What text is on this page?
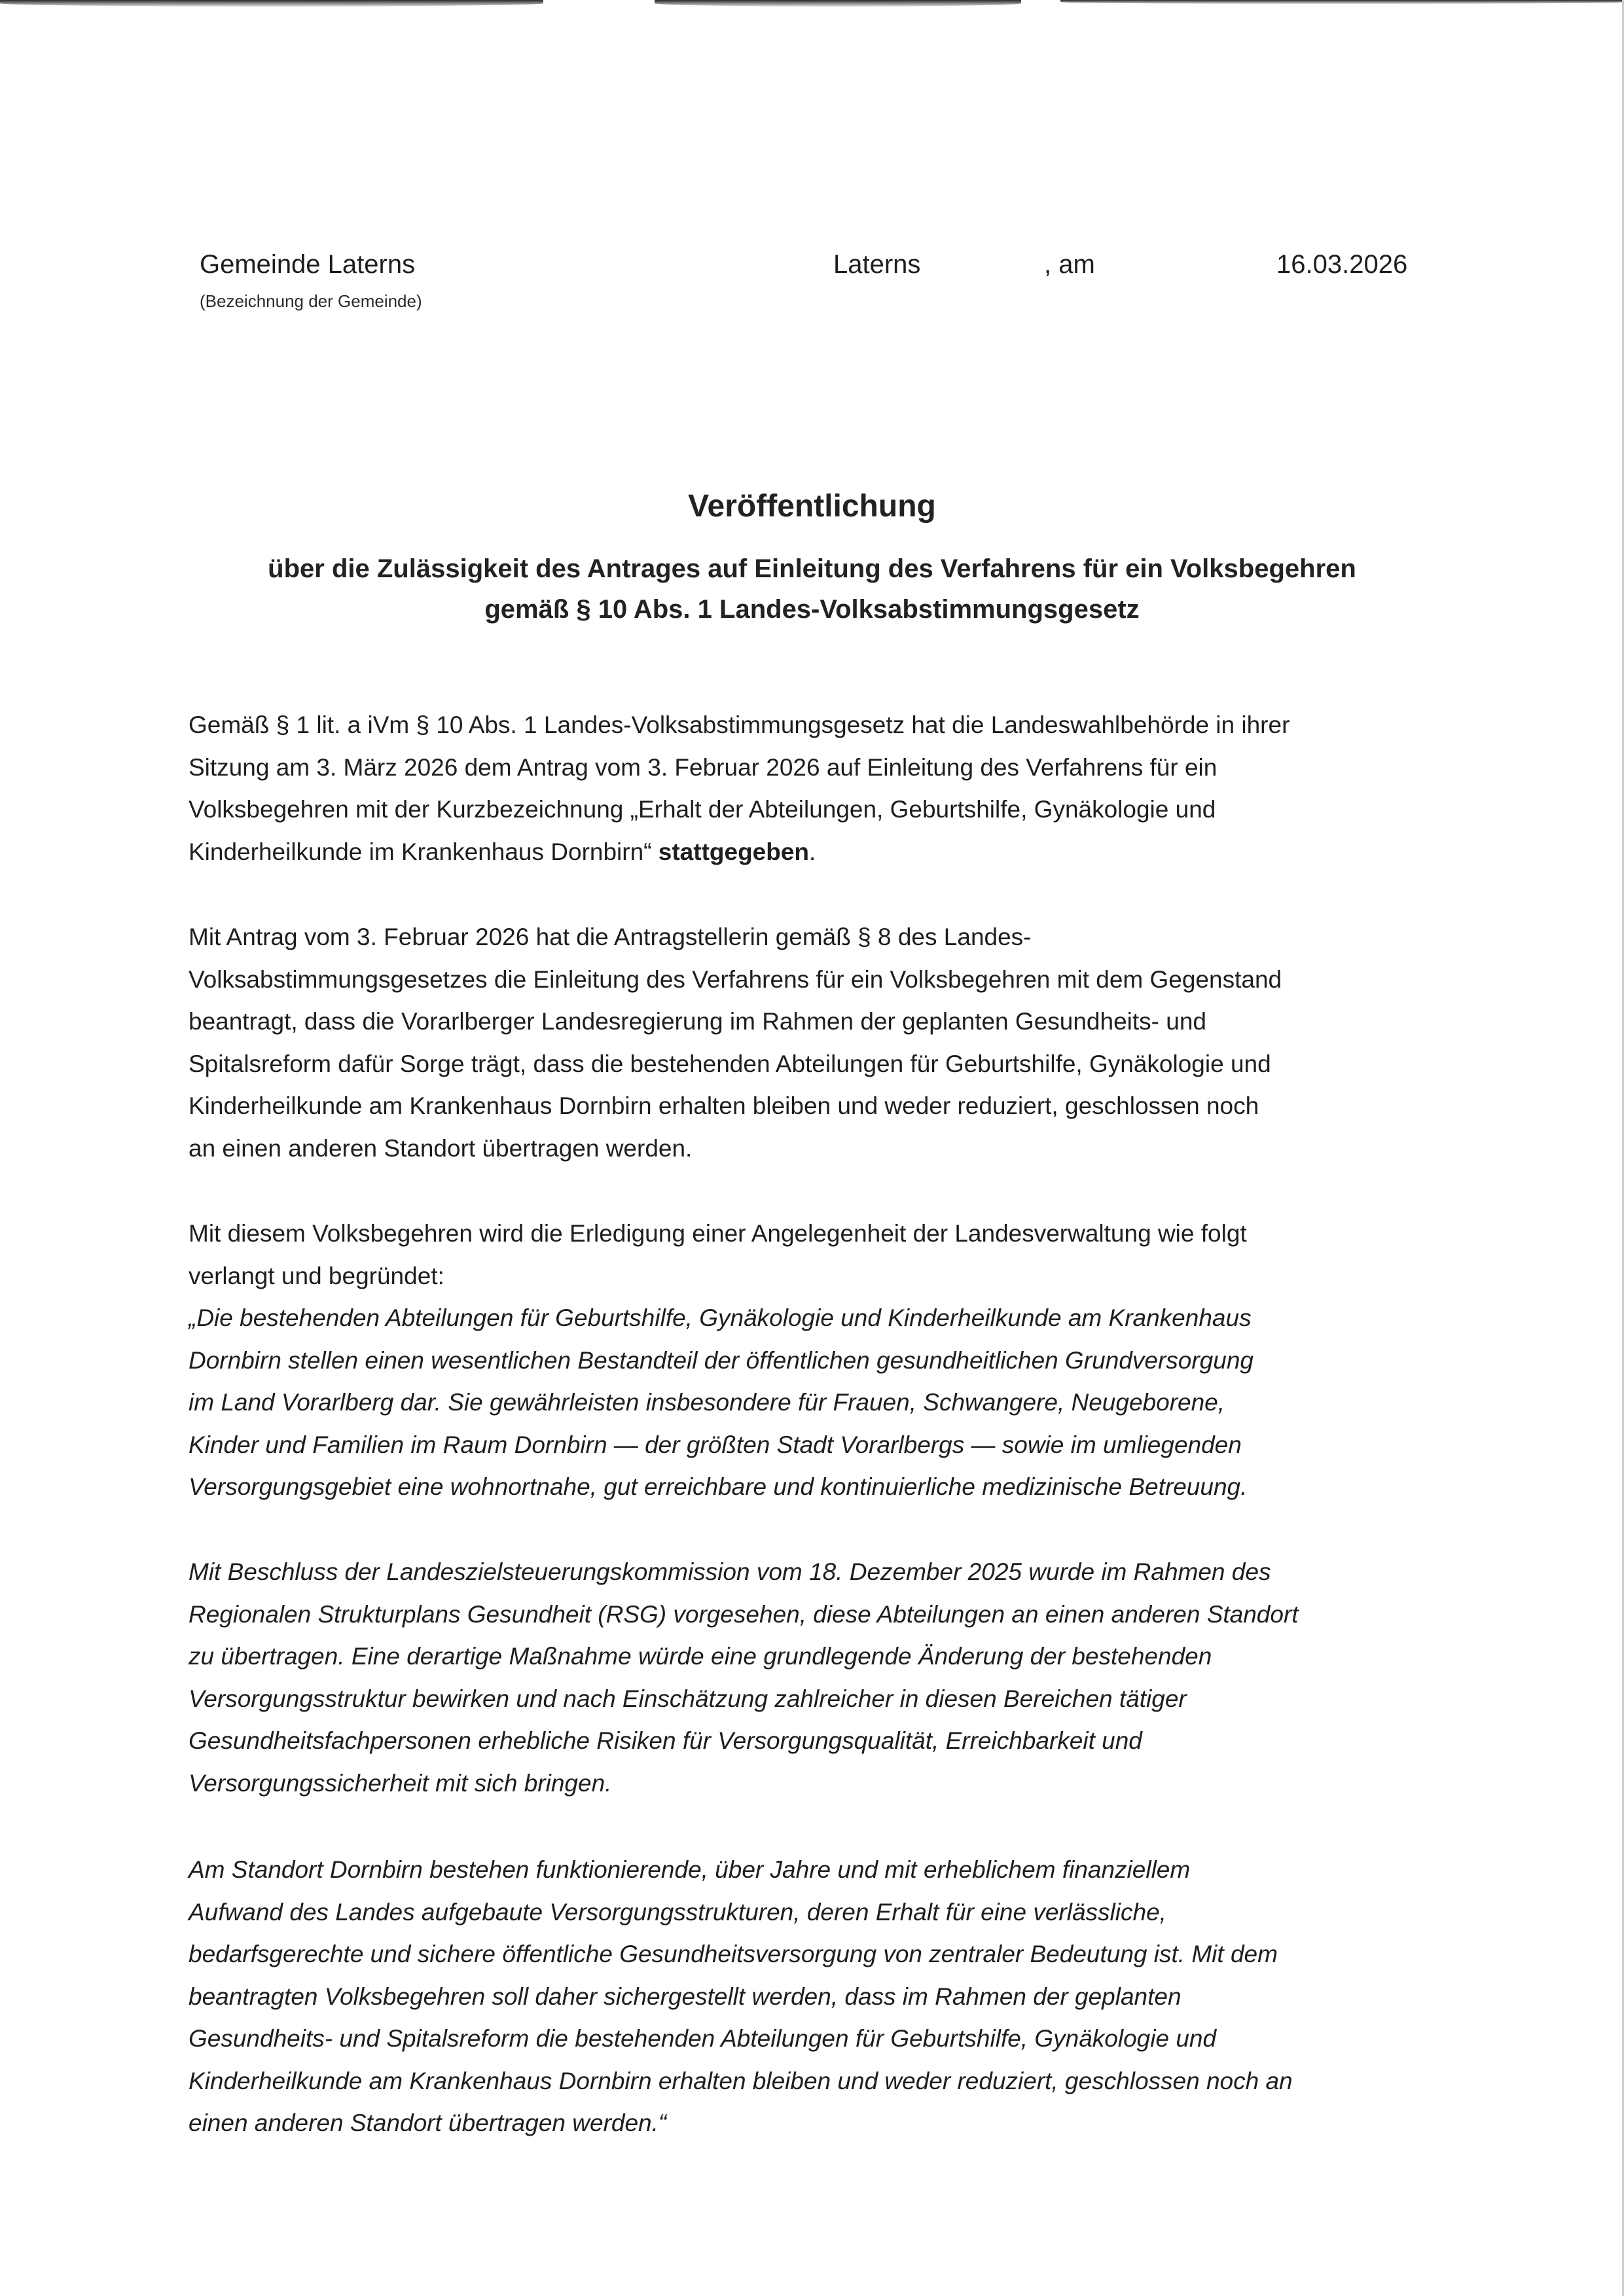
Gemeinde Laterns
(Bezeichnung der Gemeinde)
Laterns	, am	16.03.2026
Veröffentlichung
über die Zulässigkeit des Antrages auf Einleitung des Verfahrens für ein Volksbegehren
gemäß § 10 Abs. 1 Landes-Volksabstimmungsgesetz
Gemäß § 1 lit. a iVm § 10 Abs. 1 Landes-Volksabstimmungsgesetz hat die Landeswahlbehörde in ihrer
Sitzung am 3. März 2026 dem Antrag vom 3. Februar 2026 auf Einleitung des Verfahrens für ein
Volksbegehren mit der Kurzbezeichnung „Erhalt der Abteilungen, Geburtshilfe, Gynäkologie und
Kinderheilkunde im Krankenhaus Dornbirn“ stattgegeben.
Mit Antrag vom 3. Februar 2026 hat die Antragstellerin gemäß § 8 des Landes-
Volksabstimmungsgesetzes die Einleitung des Verfahrens für ein Volksbegehren mit dem Gegenstand
beantragt, dass die Vorarlberger Landesregierung im Rahmen der geplanten Gesundheits- und
Spitalsreform dafür Sorge trägt, dass die bestehenden Abteilungen für Geburtshilfe, Gynäkologie und
Kinderheilkunde am Krankenhaus Dornbirn erhalten bleiben und weder reduziert, geschlossen noch
an einen anderen Standort übertragen werden.
Mit diesem Volksbegehren wird die Erledigung einer Angelegenheit der Landesverwaltung wie folgt
verlangt und begründet:
„Die bestehenden Abteilungen für Geburtshilfe, Gynäkologie und Kinderheilkunde am Krankenhaus
Dornbirn stellen einen wesentlichen Bestandteil der öffentlichen gesundheitlichen Grundversorgung
im Land Vorarlberg dar. Sie gewährleisten insbesondere für Frauen, Schwangere, Neugeborene,
Kinder und Familien im Raum Dornbirn — der größten Stadt Vorarlbergs — sowie im umliegenden
Versorgungsgebiet eine wohnortnahe, gut erreichbare und kontinuierliche medizinische Betreuung.
Mit Beschluss der Landeszielsteuerungskommission vom 18. Dezember 2025 wurde im Rahmen des
Regionalen Strukturplans Gesundheit (RSG) vorgesehen, diese Abteilungen an einen anderen Standort
zu übertragen. Eine derartige Maßnahme würde eine grundlegende Änderung der bestehenden
Versorgungsstruktur bewirken und nach Einschätzung zahlreicher in diesen Bereichen tätiger
Gesundheitsfachpersonen erhebliche Risiken für Versorgungsqualität, Erreichbarkeit und
Versorgungssicherheit mit sich bringen.
Am Standort Dornbirn bestehen funktionierende, über Jahre und mit erheblichem finanziellem
Aufwand des Landes aufgebaute Versorgungsstrukturen, deren Erhalt für eine verlässliche,
bedarfsgerechte und sichere öffentliche Gesundheitsversorgung von zentraler Bedeutung ist. Mit dem
beantragten Volksbegehren soll daher sichergestellt werden, dass im Rahmen der geplanten
Gesundheits- und Spitalsreform die bestehenden Abteilungen für Geburtshilfe, Gynäkologie und
Kinderheilkunde am Krankenhaus Dornbirn erhalten bleiben und weder reduziert, geschlossen noch an
einen anderen Standort übertragen werden.“
